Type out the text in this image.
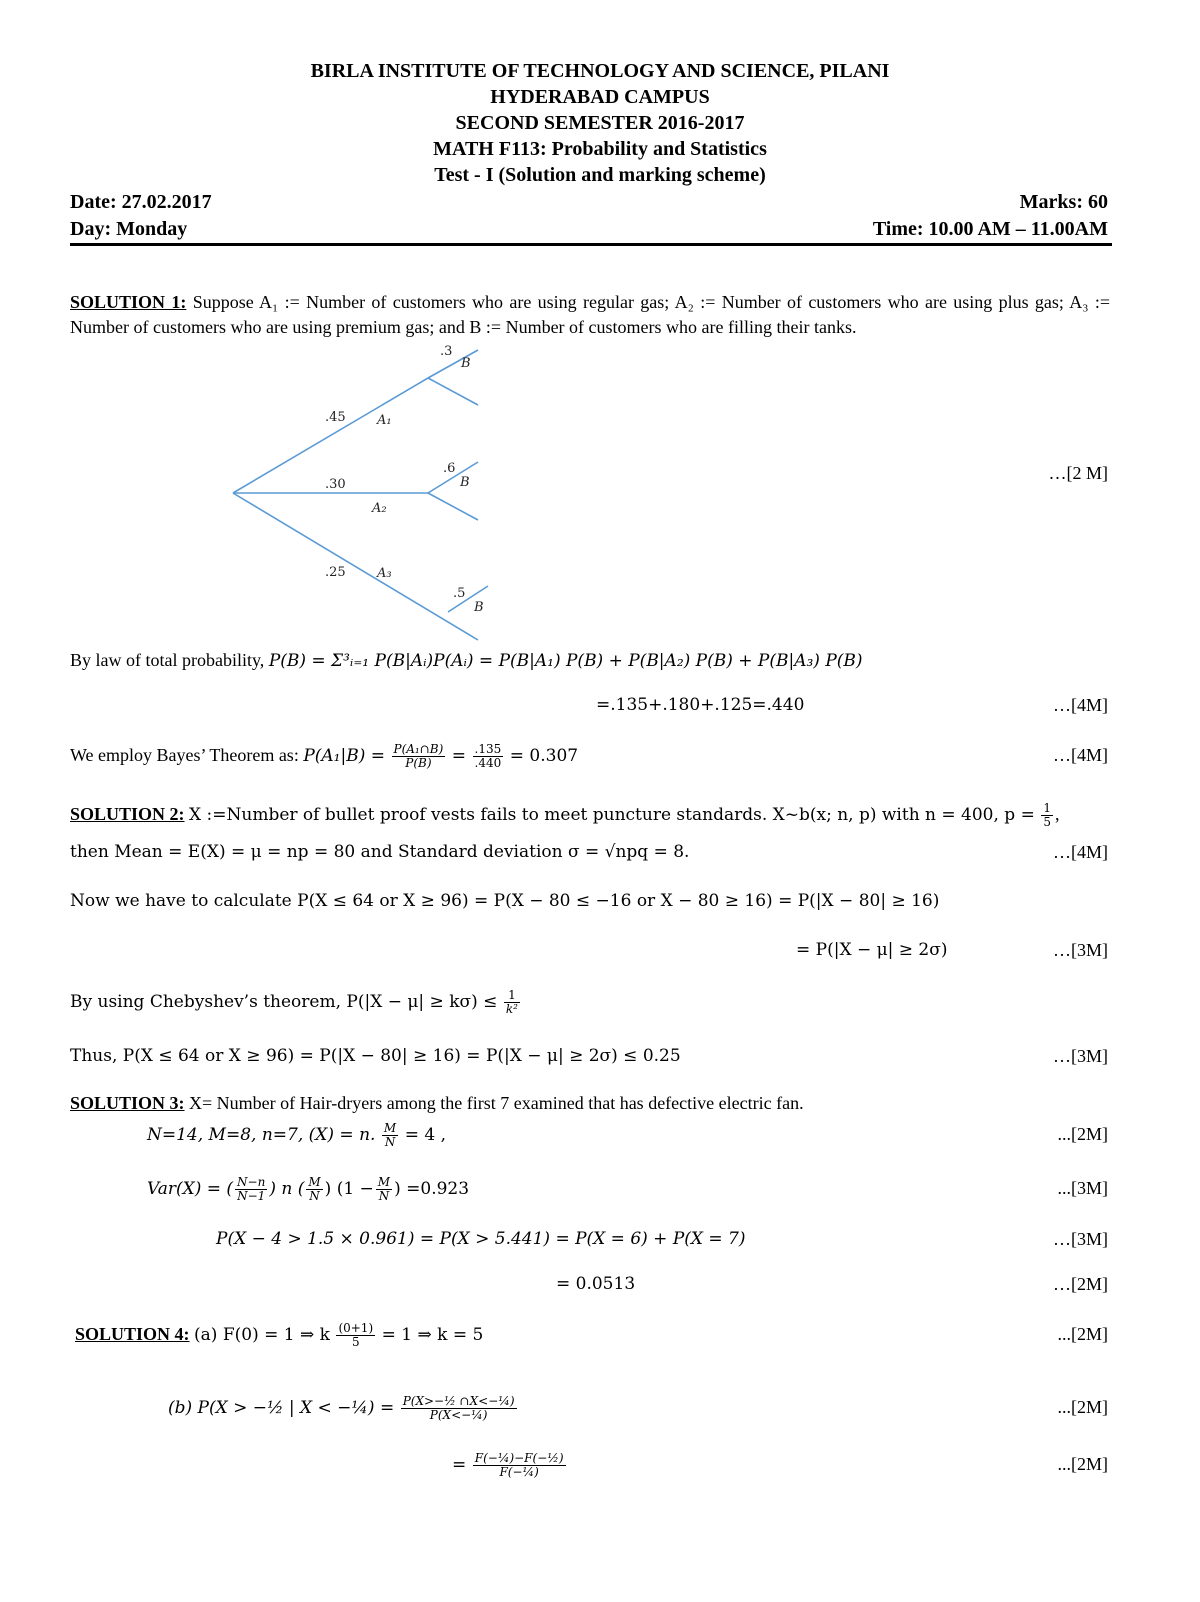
BIRLA INSTITUTE OF TECHNOLOGY AND SCIENCE, PILANI
HYDERABAD CAMPUS
SECOND SEMESTER 2016-2017
MATH F113: Probability and Statistics
Test - I (Solution and marking scheme)
Date: 27.02.2017	Marks: 60
Day: Monday	Time: 10.00 AM – 11.00AM
SOLUTION 1: Suppose A₁ := Number of customers who are using regular gas; A₂ := Number of customers who are using plus gas; A₃ := Number of customers who are using premium gas; and B := Number of customers who are filling their tanks.
.45 A₁
.30
A₂
.25 A₃
.3
B
.6
B
.5
B
…[2 M]
By law of total probability, P(B) = Σ³ᵢ₌₁ P(B|Aᵢ)P(Aᵢ) = P(B|A₁) P(B) + P(B|A₂) P(B) + P(B|A₃) P(B)
=.135+.180+.125=.440	…[4M]
We employ Bayes’ Theorem as: $P(A_1|B) = \frac{\text{P(A₁∩B)}}{P(B)} = \frac{.135}{.440} = 0.307$	…[4M]
SOLUTION 2: X :=Number of bullet proof vests fails to meet puncture standards. X~b(x; n, p) with n = 400, $p = \frac{1}{5}$ ,
then Mean = E(X) = μ = np = 80 and Standard deviation σ = √npq = 8.	…[4M]
Now we have to calculate P(X ≤ 64 or X ≥ 96) = P(X − 80 ≤ −16 or X − 80 ≥ 16) = P(|X − 80| ≥ 16)
= P(|X − μ| ≥ 2σ)	…[3M]
By using Chebyshev’s theorem, $P(|X - \mu| \ge k\sigma) \le \frac{1}{\text{k²}}$
Thus, P(X ≤ 64 or X ≥ 96) = P(|X − 80| ≥ 16) = P(|X − μ| ≥ 2σ) ≤ 0.25	…[3M]
SOLUTION 3: X= Number of Hair-dryers among the first 7 examined that has defective electric fan.
N=14, M=8, n=7, (X) = n. $\frac{M}{N} = 4$ ,	...[2M]
Var(X) = ( $\frac{N-n}{N-1}$ ) n ( $\frac{M}{N}$ ) ($1 - \frac{M}{N}$ ) =0.923	...[3M]
P(X − 4 > 1.5 × 0.961) = P(X > 5.441) = P(X = 6) + P(X = 7)	…[3M]
= 0.0513	…[2M]
SOLUTION 4: (a) F(0) = 1 ⇒ k $\frac{(0+1)}{5} = 1$ ⇒ k = 5	...[2M]
(b) P(X > −½ | X < −¼) = $\frac{\text{P(X>−½ ∩X<−¼)}}{\text{P(X<−¼)}}$	...[2M]
= $\frac{\text{F(−¼)−F(−½)}}{\text{F(−¼)}}$	...[2M]
